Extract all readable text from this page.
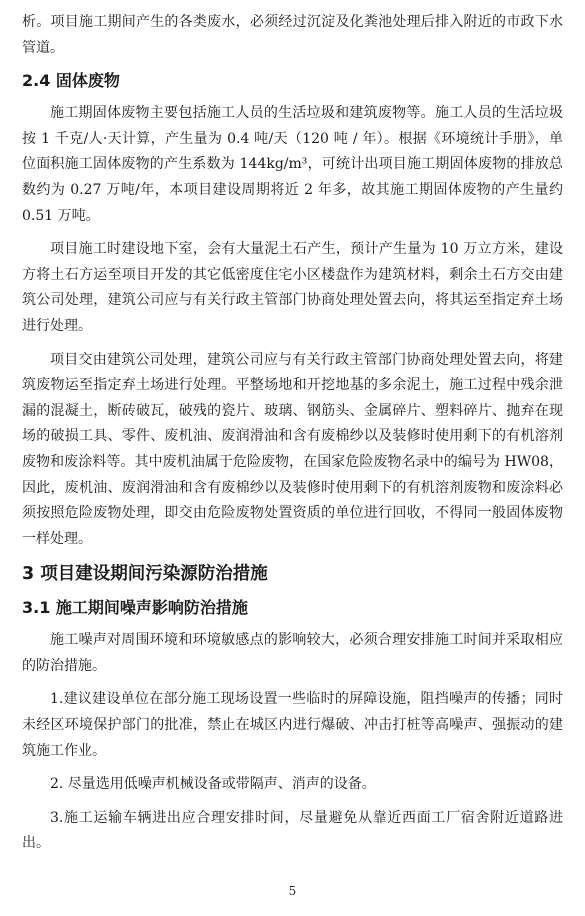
析。项目施工期间产生的各类废水，必须经过沉淀及化粪池处理后排入附近的市政下水管道。

2.4 固体废物

施工期固体废物主要包括施工人员的生活垃圾和建筑废物等。施工人员的生活垃圾按 1 千克/人·天计算，产生量为 0.4 吨/天（120 吨 / 年）。根据《环境统计手册》，单位面积施工固体废物的产生系数为 144kg/m³，可统计出项目施工期固体废物的排放总数约为 0.27 万吨/年，本项目建设周期将近 2 年多，故其施工期固体废物的产生量约 0.51 万吨。

项目施工时建设地下室，会有大量泥土石产生，预计产生量为 10 万立方米，建设方将土石方运至项目开发的其它低密度住宅小区楼盘作为建筑材料，剩余土石方交由建筑公司处理，建筑公司应与有关行政主管部门协商处理处置去向，将其运至指定弃土场进行处理。

项目交由建筑公司处理，建筑公司应与有关行政主管部门协商处理处置去向，将建筑废物运至指定弃土场进行处理。平整场地和开挖地基的多余泥土，施工过程中残余泄漏的混凝土，断砖破瓦，破残的瓷片、玻璃、钢筋头、金属碎片、塑料碎片、抛弃在现场的破损工具、零件、废机油、废润滑油和含有废棉纱以及装修时使用剩下的有机溶剂废物和废涂料等。其中废机油属于危险废物，在国家危险废物名录中的编号为 HW08，因此，废机油、废润滑油和含有废棉纱以及装修时使用剩下的有机溶剂废物和废涂料必须按照危险废物处理，即交由危险废物处置资质的单位进行回收，不得同一般固体废物一样处理。

3 项目建设期间污染源防治措施
3.1 施工期间噪声影响防治措施

施工噪声对周围环境和环境敏感点的影响较大，必须合理安排施工时间并采取相应的防治措施。

1.建议建设单位在部分施工现场设置一些临时的屏障设施，阻挡噪声的传播；同时未经区环境保护部门的批准，禁止在城区内进行爆破、冲击打桩等高噪声、强振动的建筑施工作业。

2. 尽量选用低噪声机械设备或带隔声、消声的设备。

3.施工运输车辆进出应合理安排时间，尽量避免从靠近西面工厂宿舍附近道路进出。

5
